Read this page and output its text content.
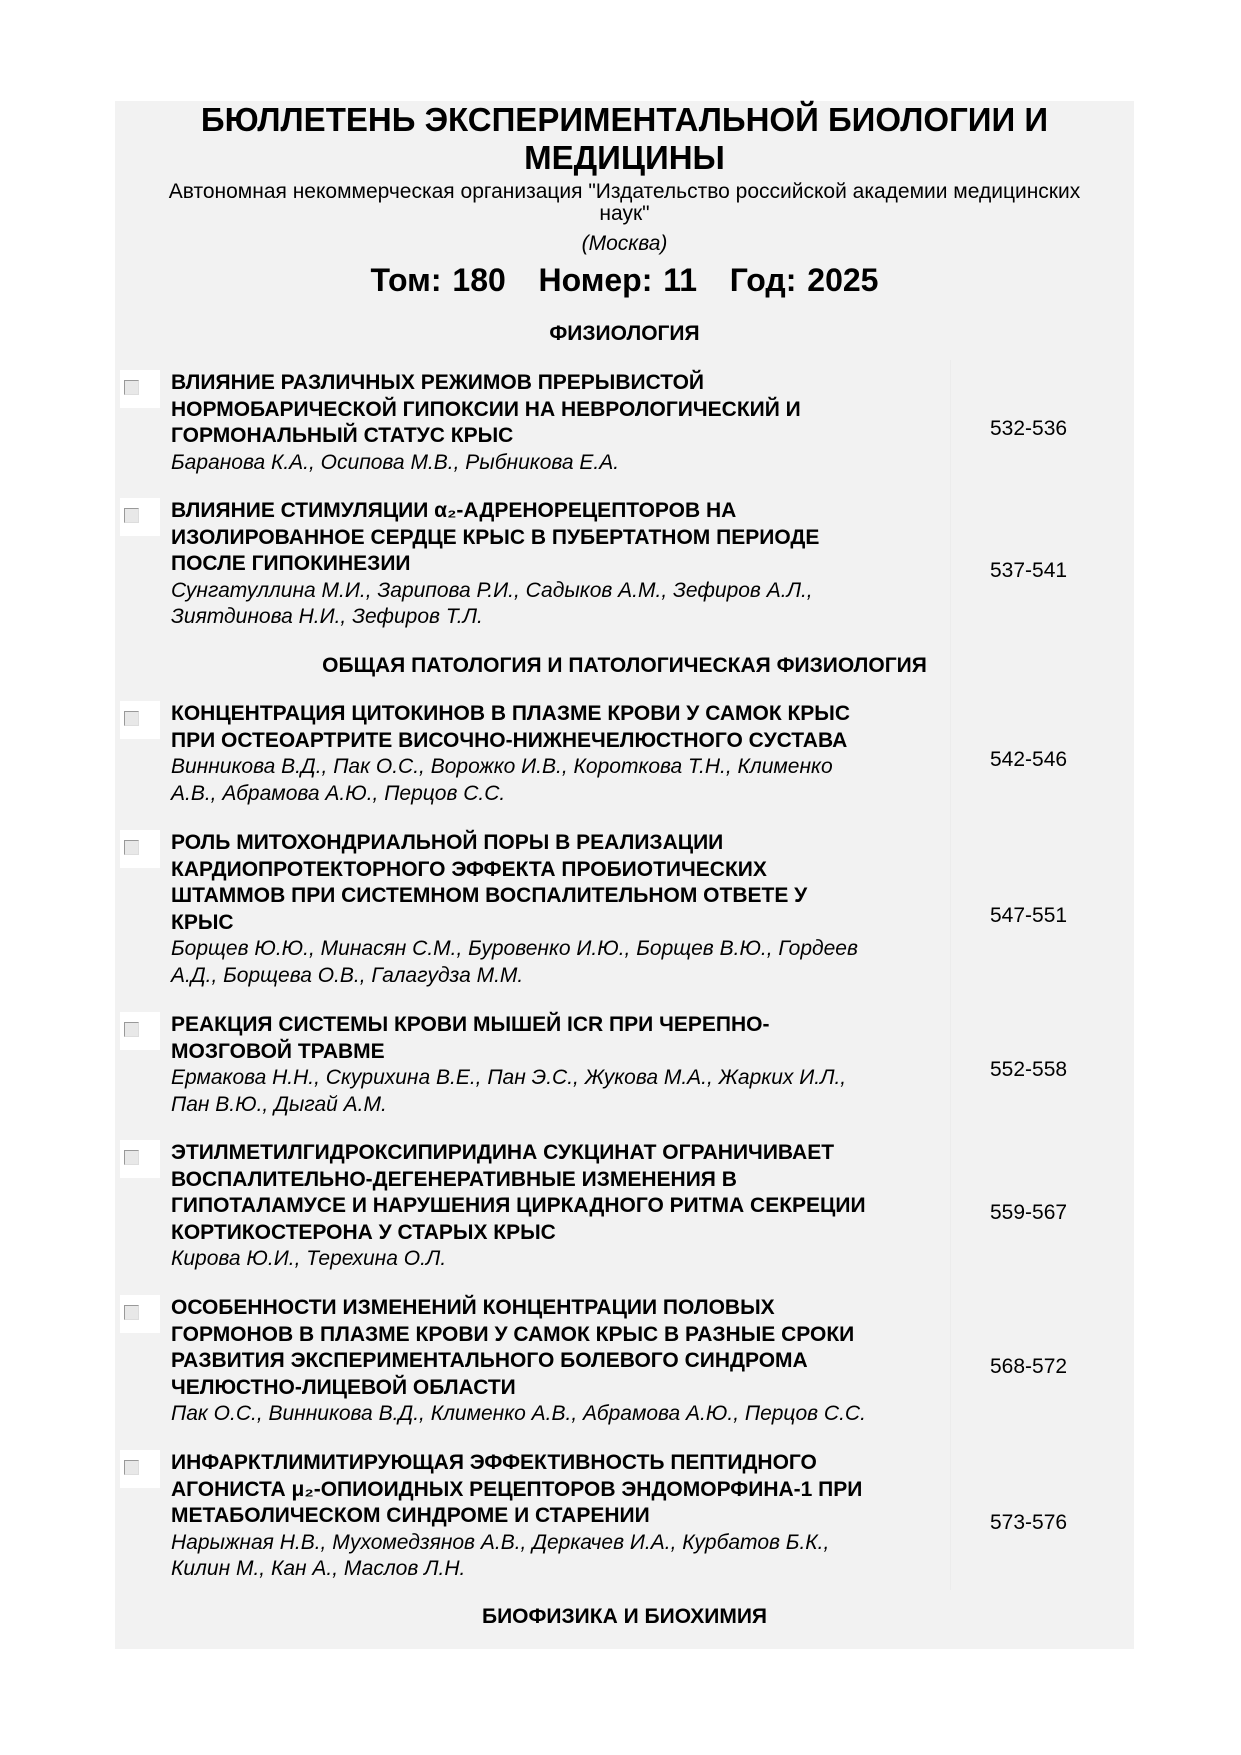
БЮЛЛЕТЕНЬ ЭКСПЕРИМЕНТАЛЬНОЙ БИОЛОГИИ И
МЕДИЦИНЫ
Автономная некоммерческая организация "Издательство российской академии медицинских
наук"
(Москва)
Том: 180   Номер: 11   Год: 2025
ФИЗИОЛОГИЯ
ОБЩАЯ ПАТОЛОГИЯ И ПАТОЛОГИЧЕСКАЯ ФИЗИОЛОГИЯ
БИОФИЗИКА И БИОХИМИЯ
ВЛИЯНИЕ РАЗЛИЧНЫХ РЕЖИМОВ ПРЕРЫВИСТОЙ
НОРМОБАРИЧЕСКОЙ ГИПОКСИИ НА НЕВРОЛОГИЧЕСКИЙ И
ГОРМОНАЛЬНЫЙ СТАТУС КРЫС
Баранова К.А., Осипова М.В., Рыбникова Е.А.
532-536
ВЛИЯНИЕ СТИМУЛЯЦИИ α₂-АДРЕНОРЕЦЕПТОРОВ НА
ИЗОЛИРОВАННОЕ СЕРДЦЕ КРЫС В ПУБЕРТАТНОМ ПЕРИОДЕ
ПОСЛЕ ГИПОКИНЕЗИИ
Сунгатуллина М.И., Зарипова Р.И., Садыков А.М., Зефиров А.Л.,
Зиятдинова Н.И., Зефиров Т.Л.
537-541
КОНЦЕНТРАЦИЯ ЦИТОКИНОВ В ПЛАЗМЕ КРОВИ У САМОК КРЫС
ПРИ ОСТЕОАРТРИТЕ ВИСОЧНО-НИЖНЕЧЕЛЮСТНОГО СУСТАВА
Винникова В.Д., Пак О.С., Ворожко И.В., Короткова Т.Н., Клименко
А.В., Абрамова А.Ю., Перцов С.С.
542-546
РОЛЬ МИТОХОНДРИАЛЬНОЙ ПОРЫ В РЕАЛИЗАЦИИ
КАРДИОПРОТЕКТОРНОГО ЭФФЕКТА ПРОБИОТИЧЕСКИХ
ШТАММОВ ПРИ СИСТЕМНОМ ВОСПАЛИТЕЛЬНОМ ОТВЕТЕ У
КРЫС
Борщев Ю.Ю., Минасян С.М., Буровенко И.Ю., Борщев В.Ю., Гордеев
А.Д., Борщева О.В., Галагудза М.М.
547-551
РЕАКЦИЯ СИСТЕМЫ КРОВИ МЫШЕЙ ICR ПРИ ЧЕРЕПНО-
МОЗГОВОЙ ТРАВМЕ
Ермакова Н.Н., Скурихина В.Е., Пан Э.С., Жукова М.А., Жарких И.Л.,
Пан В.Ю., Дыгай А.М.
552-558
ЭТИЛМЕТИЛГИДРОКСИПИРИДИНА СУКЦИНАТ ОГРАНИЧИВАЕТ
ВОСПАЛИТЕЛЬНО-ДЕГЕНЕРАТИВНЫЕ ИЗМЕНЕНИЯ В
ГИПОТАЛАМУСЕ И НАРУШЕНИЯ ЦИРКАДНОГО РИТМА СЕКРЕЦИИ
КОРТИКОСТЕРОНА У СТАРЫХ КРЫС
Кирова Ю.И., Терехина О.Л.
559-567
ОСОБЕННОСТИ ИЗМЕНЕНИЙ КОНЦЕНТРАЦИИ ПОЛОВЫХ
ГОРМОНОВ В ПЛАЗМЕ КРОВИ У САМОК КРЫС В РАЗНЫЕ СРОКИ
РАЗВИТИЯ ЭКСПЕРИМЕНТАЛЬНОГО БОЛЕВОГО СИНДРОМА
ЧЕЛЮСТНО-ЛИЦЕВОЙ ОБЛАСТИ
Пак О.С., Винникова В.Д., Клименко А.В., Абрамова А.Ю., Перцов С.С.
568-572
ИНФАРКТЛИМИТИРУЮЩАЯ ЭФФЕКТИВНОСТЬ ПЕПТИДНОГО
АГОНИСТА μ₂-ОПИОИДНЫХ РЕЦЕПТОРОВ ЭНДОМОРФИНА-1 ПРИ
МЕТАБОЛИЧЕСКОМ СИНДРОМЕ И СТАРЕНИИ
Нарыжная Н.В., Мухомедзянов А.В., Деркачев И.А., Курбатов Б.К.,
Килин М., Кан А., Маслов Л.Н.
573-576
